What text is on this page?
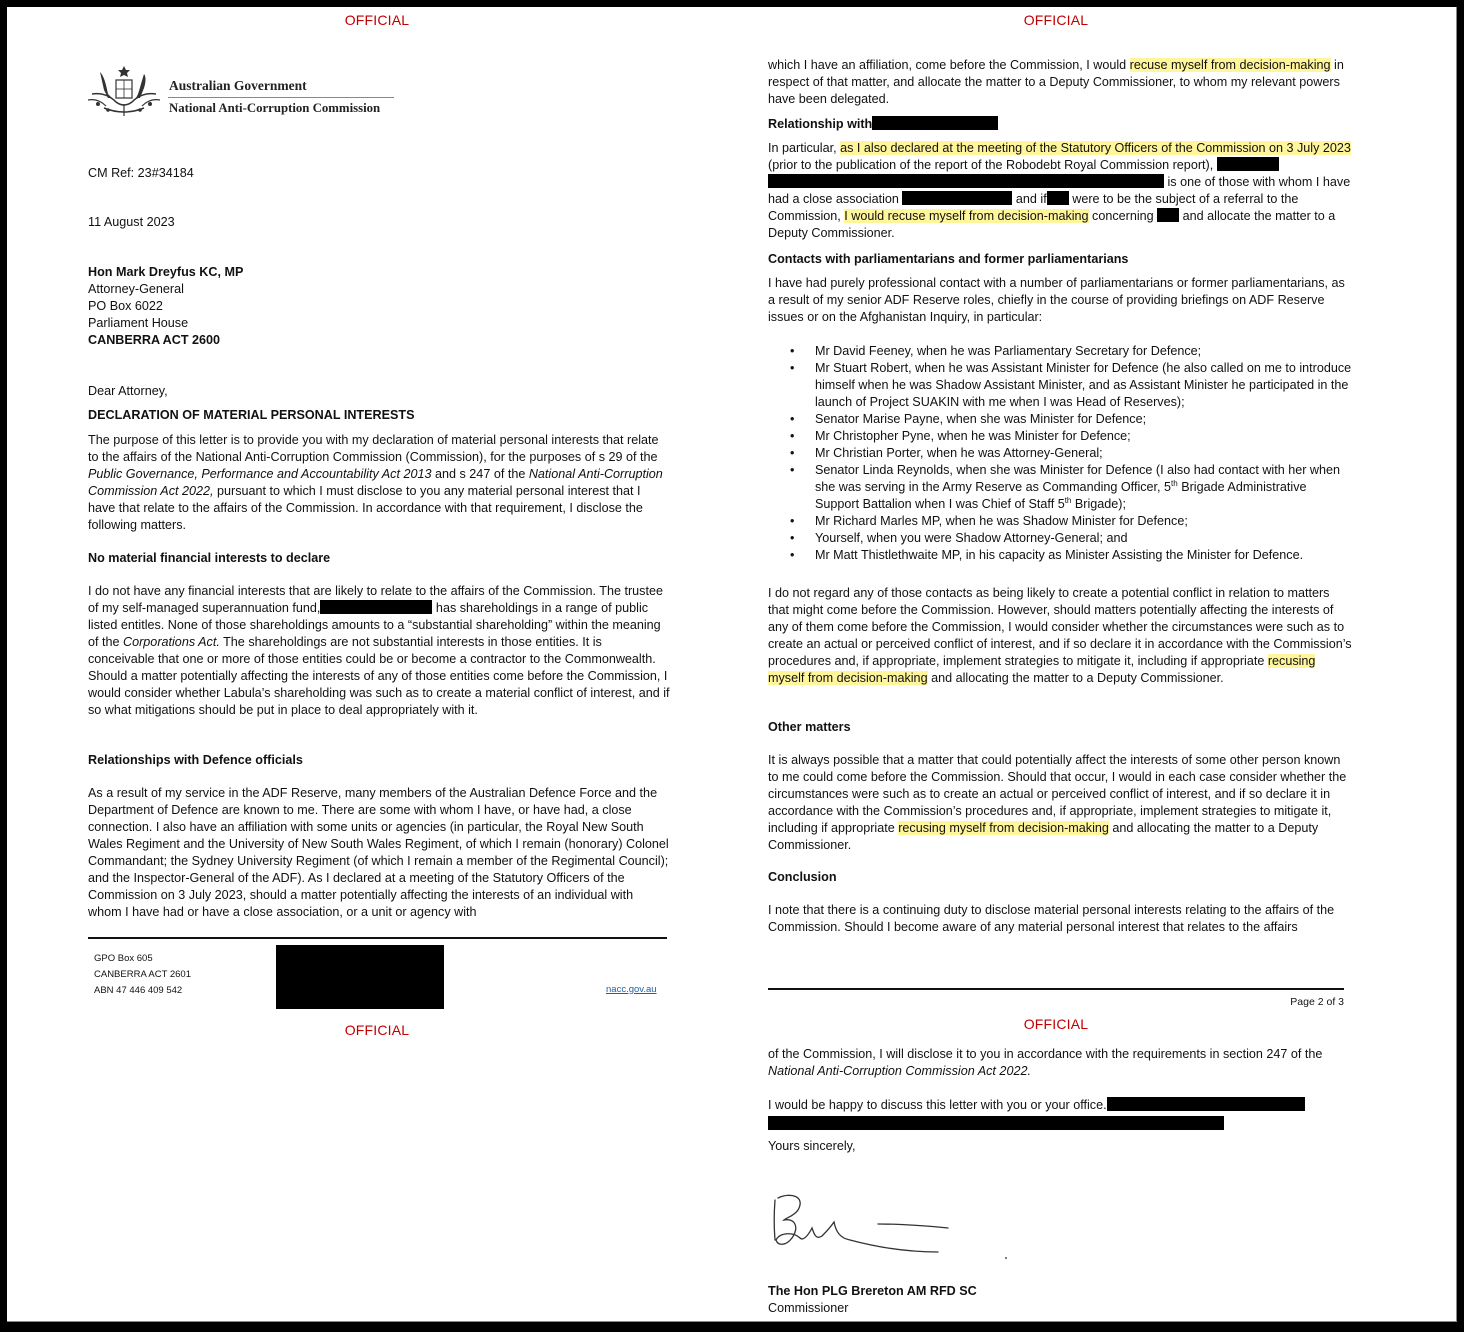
OFFICIAL
Australian Government
National Anti-Corruption Commission
CM Ref: 23#34184
11 August 2023
Hon Mark Dreyfus KC, MP
Attorney-General
PO Box 6022
Parliament House
CANBERRA ACT 2600
Dear Attorney,
DECLARATION OF MATERIAL PERSONAL INTERESTS
The purpose of this letter is to provide you with my declaration of material personal interests that relate to the affairs of the National Anti-Corruption Commission (Commission), for the purposes of s 29 of the Public Governance, Performance and Accountability Act 2013 and s 247 of the National Anti-Corruption Commission Act 2022, pursuant to which I must disclose to you any material personal interest that I have that relate to the affairs of the Commission. In accordance with that requirement, I disclose the following matters.
No material financial interests to declare
I do not have any financial interests that are likely to relate to the affairs of the Commission. The trustee of my self-managed superannuation fund,	has shareholdings in a range of public listed entitles. None of those shareholdings amounts to a “substantial shareholding” within the meaning of the Corporations Act. The shareholdings are not substantial interests in those entities. It is conceivable that one or more of those entities could be or become a contractor to the Commonwealth. Should a matter potentially affecting the interests of any of those entities come before the Commission, I would consider whether Labula’s shareholding was such as to create a material conflict of interest, and if so what mitigations should be put in place to deal appropriately with it.
Relationships with Defence officials
As a result of my service in the ADF Reserve, many members of the Australian Defence Force and the Department of Defence are known to me. There are some with whom I have, or have had, a close connection. I also have an affiliation with some units or agencies (in particular, the Royal New South Wales Regiment and the University of New South Wales Regiment, of which I remain (honorary) Colonel Commandant; the Sydney University Regiment (of which I remain a member of the Regimental Council); and the Inspector-General of the ADF). As I declared at a meeting of the Statutory Officers of the Commission on 3 July 2023, should a matter potentially affecting the interests of an individual with whom I have had or have a close association, or a unit or agency with
GPO Box 605
CANBERRA ACT 2601
ABN 47 446 409 542	nacc.gov.au
OFFICIAL
OFFICIAL
which I have an affiliation, come before the Commission, I would recuse myself from decision-making in respect of that matter, and allocate the matter to a Deputy Commissioner, to whom my relevant powers have been delegated.
Relationship with
In particular, as I also declared at the meeting of the Statutory Officers of the Commission on 3 July 2023 (prior to the publication of the report of the Robodebt Royal Commission report),  is one of those with whom I have had a close association	and if were to be the subject of a referral to the Commission, I would recuse myself from decision-making concerning  and allocate the matter to a Deputy Commissioner.
Contacts with parliamentarians and former parliamentarians
I have had purely professional contact with a number of parliamentarians or former parliamentarians, as a result of my senior ADF Reserve roles, chiefly in the course of providing briefings on ADF Reserve issues or on the Afghanistan Inquiry, in particular:
• Mr David Feeney, when he was Parliamentary Secretary for Defence;
• Mr Stuart Robert, when he was Assistant Minister for Defence (he also called on me to introduce himself when he was Shadow Assistant Minister, and as Assistant Minister he participated in the launch of Project SUAKIN with me when I was Head of Reserves);
• Senator Marise Payne, when she was Minister for Defence;
• Mr Christopher Pyne, when he was Minister for Defence;
• Mr Christian Porter, when he was Attorney-General;
• Senator Linda Reynolds, when she was Minister for Defence (I also had contact with her when she was serving in the Army Reserve as Commanding Officer, 5th Brigade Administrative Support Battalion when I was Chief of Staff 5th Brigade);
• Mr Richard Marles MP, when he was Shadow Minister for Defence;
• Yourself, when you were Shadow Attorney-General; and
• Mr Matt Thistlethwaite MP, in his capacity as Minister Assisting the Minister for Defence.
I do not regard any of those contacts as being likely to create a potential conflict in relation to matters that might come before the Commission. However, should matters potentially affecting the interests of any of them come before the Commission, I would consider whether the circumstances were such as to create an actual or perceived conflict of interest, and if so declare it in accordance with the Commission’s procedures and, if appropriate, implement strategies to mitigate it, including if appropriate recusing myself from decision-making and allocating the matter to a Deputy Commissioner.
Other matters
It is always possible that a matter that could potentially affect the interests of some other person known to me could come before the Commission. Should that occur, I would in each case consider whether the circumstances were such as to create an actual or perceived conflict of interest, and if so declare it in accordance with the Commission’s procedures and, if appropriate, implement strategies to mitigate it, including if appropriate recusing myself from decision-making and allocating the matter to a Deputy Commissioner.
Conclusion
I note that there is a continuing duty to disclose material personal interests relating to the affairs of the Commission. Should I become aware of any material personal interest that relates to the affairs
Page 2 of 3
OFFICIAL
of the Commission, I will disclose it to you in accordance with the requirements in section 247 of the National Anti-Corruption Commission Act 2022.
I would be happy to discuss this letter with you or your office.
Yours sincerely,
The Hon PLG Brereton AM RFD SC
Commissioner
